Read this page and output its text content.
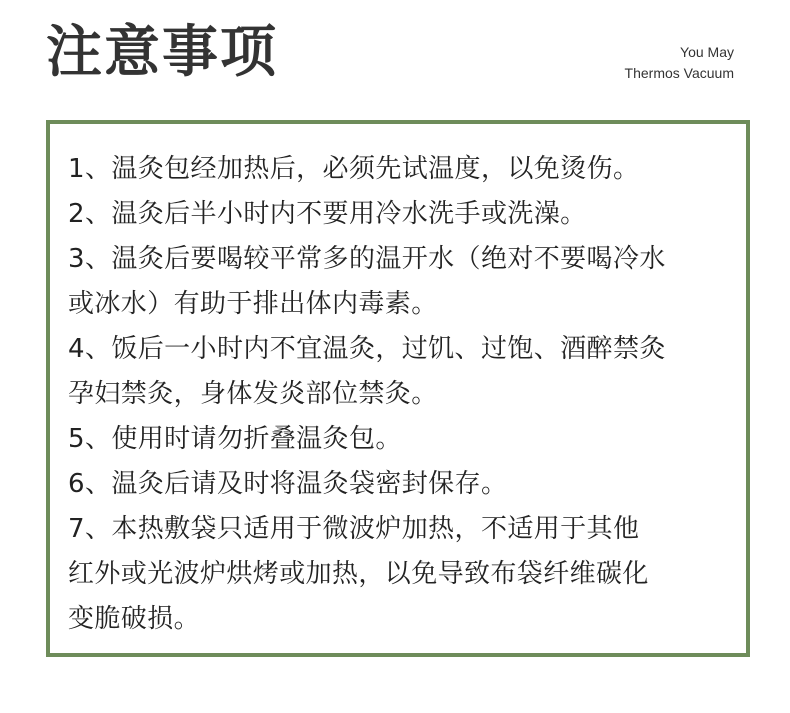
注意事项	You May
Thermos Vacuum
1、温灸包经加热后，必须先试温度，以免烫伤。
2、温灸后半小时内不要用冷水洗手或洗澡。
3、温灸后要喝较平常多的温开水（绝对不要喝冷水
或冰水）有助于排出体内毒素。
4、饭后一小时内不宜温灸，过饥、过饱、酒醉禁灸
孕妇禁灸，身体发炎部位禁灸。
5、使用时请勿折叠温灸包。
6、温灸后请及时将温灸袋密封保存。
7、本热敷袋只适用于微波炉加热，不适用于其他
红外或光波炉烘烤或加热，以免导致布袋纤维碳化
变脆破损。
